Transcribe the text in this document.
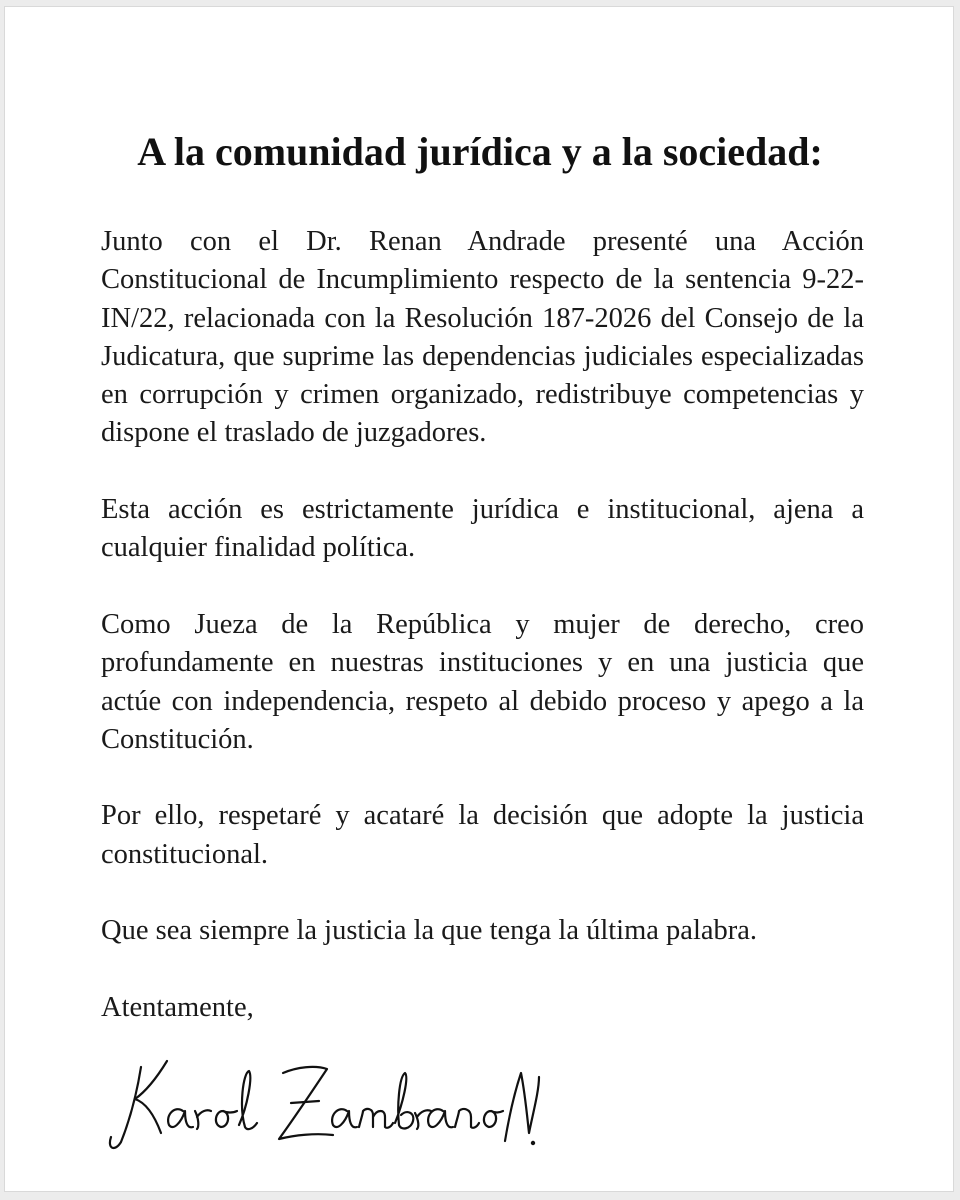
A la comunidad jurídica y a la sociedad:

Junto con el Dr. Renan Andrade presenté una Acción Constitucional de Incumplimiento respecto de la sentencia 9-22-IN/22, relacionada con la Resolución 187-2026 del Consejo de la Judicatura, que suprime las dependencias judiciales especializadas en corrupción y crimen organizado, redistribuye competencias y dispone el traslado de juzgadores.

Esta acción es estrictamente jurídica e institucional, ajena a cualquier finalidad política.

Como Jueza de la República y mujer de derecho, creo profundamente en nuestras instituciones y en una justicia que actúe con independencia, respeto al debido proceso y apego a la Constitución.

Por ello, respetaré y acataré la decisión que adopte la justicia constitucional.

Que sea siempre la justicia la que tenga la última palabra.

Atentamente,
